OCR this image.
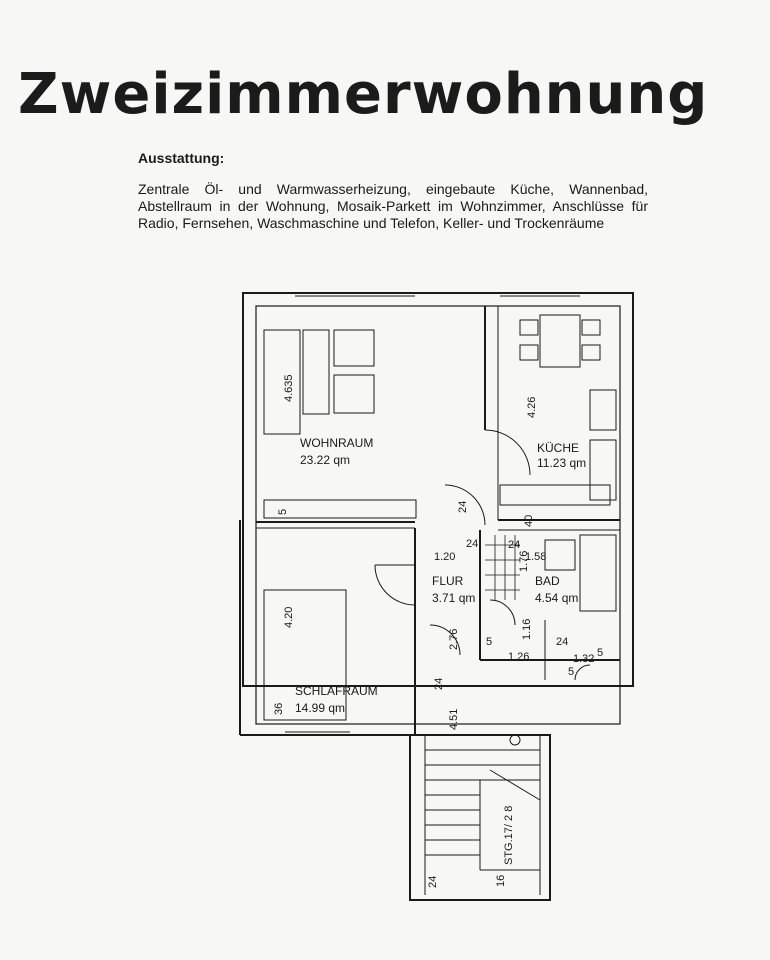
Zweizimmerwohnung

Ausstattung:

Zentrale Öl- und Warmwasserheizung, eingebaute Küche, Wannenbad, Abstellraum in der Wohnung, Mosaik-Parkett im Wohnzimmer, Anschlüsse für Radio, Fernsehen, Waschmaschine und Telefon, Keller- und Trockenräume

WOHNRAUM
23.22 qm
KÜCHE
11.23 qm
FLUR
3.71 qm
BAD
4.54 qm
SCHLAFRAUM
14.99 qm
4.635
4.26
4.20
1.20	1.58
1.76
1.16
1.26	1.32
4.51
2.76
STG.17/ 2 8
24
24
24
24
24
24
40
5
5
5
5
16
36
